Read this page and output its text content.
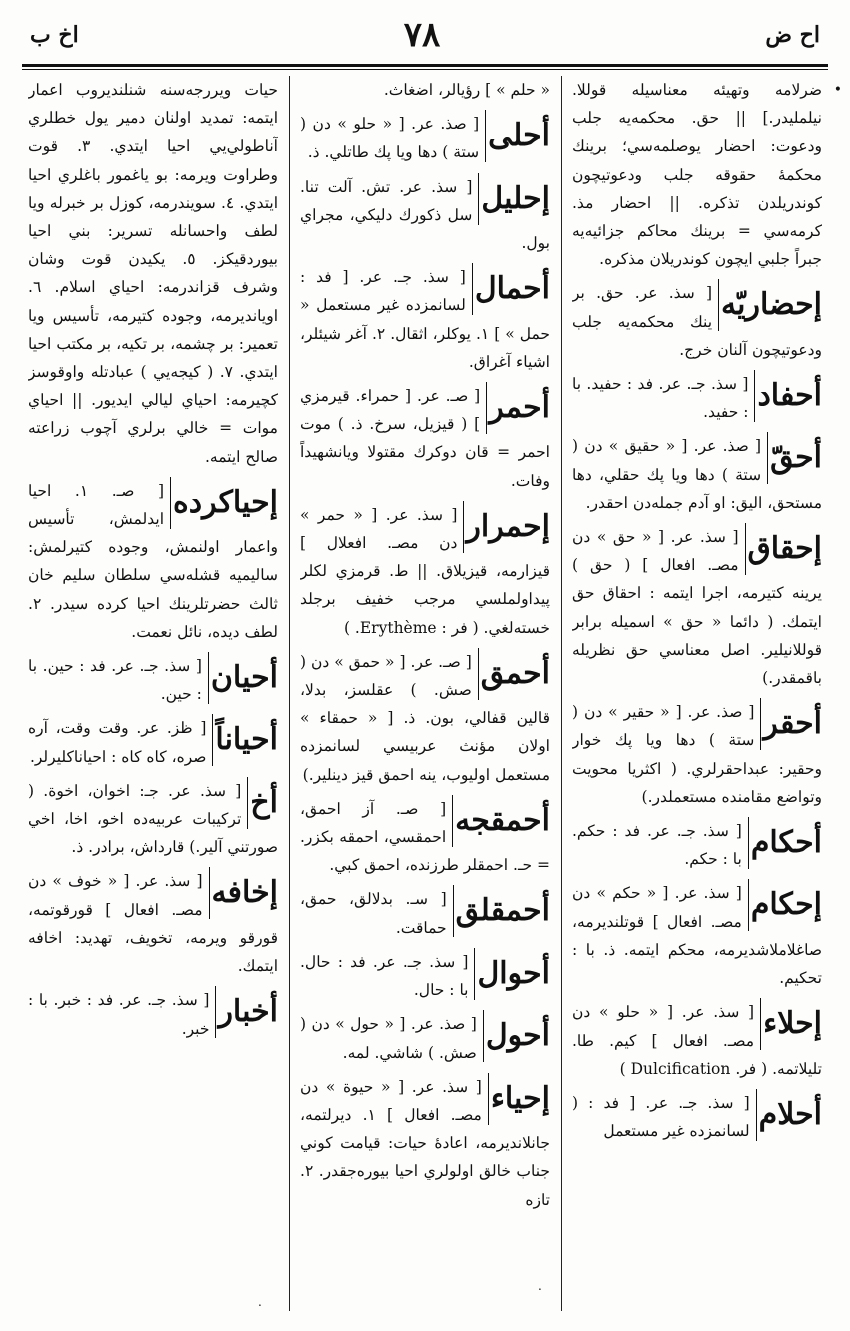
اخ ب	۷۸	اح ض
•
ضرلامه وتهيئه معناسيله قوللا. نيلمليدر.] || حق. محكمه‌يه جلب ودعوت: احضار يوصلمه‌سي؛ برينك محكمه‌ٔ حقوقه جلب ودعوتيچون كوندريلدن تذكره. || احضار مذ. كرمه‌سي = برينك محاكم جزائيه‌يه جبراً جلبي ايچون كوندريلان مذكره.
إحضاريّه
[ سذ. عر. حق. بر ينك محكمه‌يه جلب ودعوتيچون آلنان خرج.
أحفاد
[ سذ. جـ. عر. فد : حفيد. با : حفيد.
أحقّ
[ صذ. عر. [ « حقيق » دن ( ستة ) دها ويا پك حقلي، دها مستحق، اليق: او آدم جمله‌دن احقدر.
إحقاق
[ سذ. عر. [ « حق » دن مصـ. افعال ] ( حق ) يرينه كتيرمه، اجرا ايتمه : احقاق حق ايتمك. ( دائما « حق » اسميله برابر قوللانيلير. اصل معناسي حق نظريله باقمقدر.)
أحقر
[ صذ. عر. [ « حقير » دن ( ستة ) دها ويا پك خوار وحقير: عبداحقرلري. ( اكثريا محويت وتواضع مقامنده مستعملدر.)
أحكام
[ سذ. جـ. عر. فد : حكم. با : حكم.
إحكام
[ سذ. عر. [ « حكم » دن مصـ. افعال ] قوتلنديرمه، صاغلاملاشديرمه، محكم ايتمه. ذ. با : تحكيم.
إحلاء
[ سذ. عر. [ « حلو » دن مصـ. افعال ] كيم. طا. تليلاتمه. ( فر. Dulcification )
أحلام
[ سذ. جـ. عر. [ فد : ( لسانمزده غير مستعمل
« حلم » ] رؤيالر، اضغاث.
أحلى
[ صذ. عر. [ « حلو » دن ( ستة ) دها ويا پك طاتلي. ذ.
إحليل
[ سذ. عر. تش. آلت تنا. سل ذكورك دليكي، مجراي بول.
أحمال
[ سذ. جـ. عر. [ فد : لسانمزده غير مستعمل « حمل » ] ١. يوكلر، اثقال. ٢. آغر شيئلر، اشياء آغراق.
أحمر
[ صـ. عر. [ حمراء. قيرمزي ] ( قيزيل، سرخ. ذ. ) موت احمر = قان دوكرك مقتولا ويانشهيداً وفات.
إحمرار
[ سذ. عر. [ « حمر » دن مصـ. افعلال ] قيزارمه، قيزيلاق. || ط. قرمزي لكلر پيداولملسي مرجب خفيف برجلد خسته‌لغي. ( فر : Erythème. )
أحمق
[ صـ. عر. [ « حمق » دن ( صش. ) عقلسز، بدلا، قالين قفالي، بون. ذ. [ « حمقاء » اولان مؤنث عربيسي لسانمزده مستعمل اوليوب، ينه احمق قيز دينلير.)
أحمقجه
[ صـ. آز احمق، احمقسي، احمقه بكزر. = حـ. احمقلر طرزنده، احمق كبي.
أحمقلق
[ سـ. بدلالق، حمق، حماقت.
أحوال
[ سذ. جـ. عر. فد : حال. با : حال.
أحول
[ صذ. عر. [ « حول » دن ( صش. ) شاشي. لمه.
إحياء
[ سذ. عر. [ « حيوة » دن مصـ. افعال ] ١. ديرلتمه، جانلانديرمه، اعادهٔ حيات: قيامت كوني جناب خالق اولولري احيا بيوره‌جقدر. ٢. تازه
حيات ويررجه‌سنه شنلنديروب اعمار ايتمه: تمديد اولنان دمير يول خطلري آناطولي‌يي احيا ايتدي. ٣. قوت وطراوت ويرمه: بو ياغمور باغلري احيا ايتدي. ٤. سويندرمه، كوزل بر خبرله ويا لطف واحسانله تسرير: بني احيا بيوردقيكز. ٥. يكيدن قوت وشان وشرف قزاندرمه: احياي اسلام. ٦. اويانديرمه، وجوده كتيرمه، تأسيس ويا تعمير: بر چشمه، بر تكيه، بر مكتب احيا ايتدي. ٧. ( كيجه‌يي ) عبادتله واوقوسز كچيرمه: احياي ليالي ايديور. || احياي موات = خالي برلري آچوب زراعته صالح ايتمه.
إحياكرده
[ صـ. ١. احيا ايدلمش، تأسيس واعمار اولنمش، وجوده كتيرلمش: ساليميه قشله‌سي سلطان سليم خان ثالث حضرتلرينك احيا كرده سيدر. ٢. لطف ديده، نائل نعمت.
أحيان
[ سذ. جـ. عر. فد : حين. با : حين.
أحياناً
[ ظز. عر. وقت وقت، آره صره، كاه كاه : احياناكليرلر.
أخ
[ سذ. عر. جـ: اخوان، اخوة. ( تركيبات عربيه‌ده اخو، اخا، اخي صورتني آلير.) قارداش، برادر. ذ.
إخافه
[ سذ. عر. [ « خوف » دن مصـ. افعال ] قورقوتمه، قورقو ويرمه، تخويف، تهديد: اخافه ايتمك.
أخبار
[ سذ. جـ. عر. فد : خبر. با : خبر.
.
.
